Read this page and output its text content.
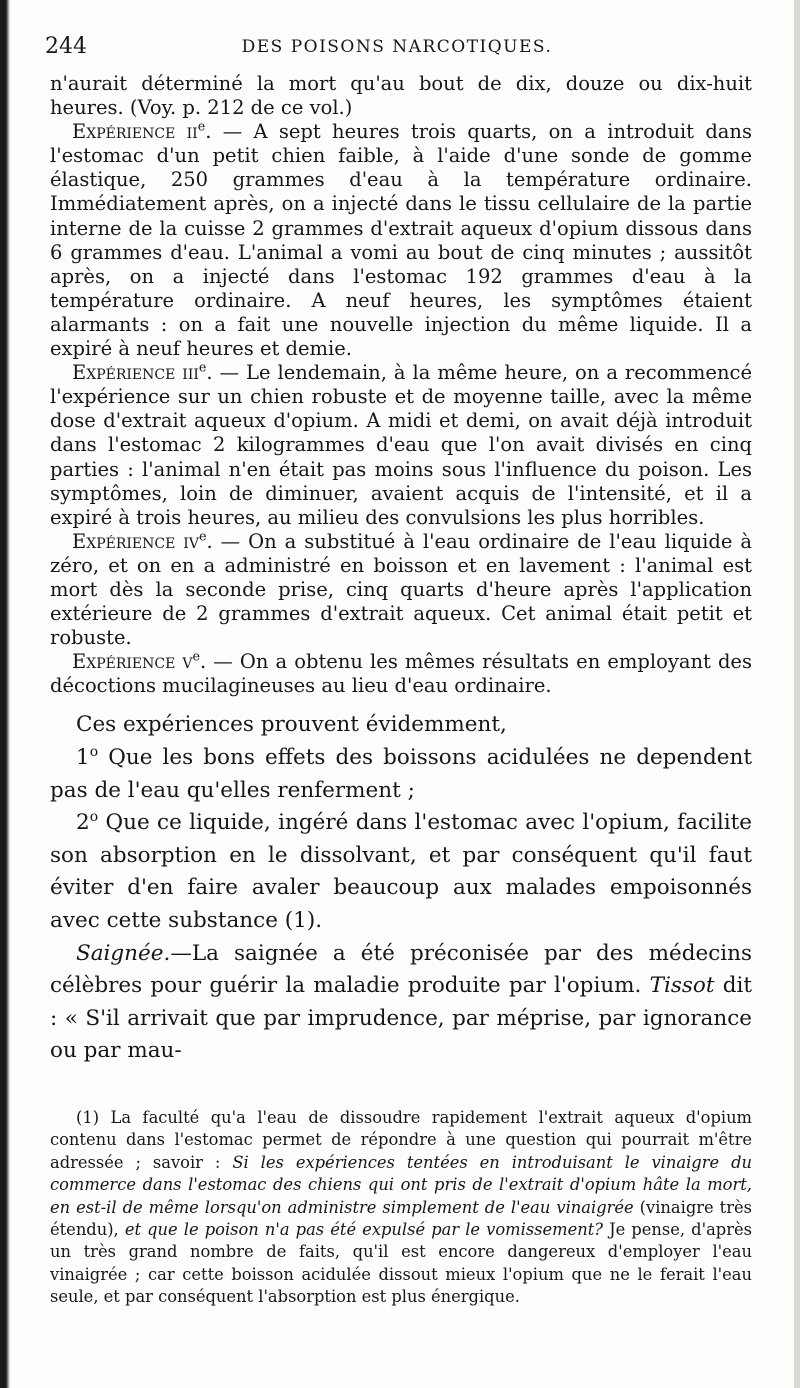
244	DES POISONS NARCOTIQUES.

n'aurait déterminé la mort qu'au bout de dix, douze ou dix-huit heures. (Voy. p. 212 de ce vol.)

Expérience $ii^e$. — A sept heures trois quarts, on a introduit dans l'estomac d'un petit chien faible, à l'aide d'une sonde de gomme élastique, 250 grammes d'eau à la température ordinaire. Immédiatement après, on a injecté dans le tissu cellulaire de la partie interne de la cuisse 2 grammes d'extrait aqueux d'opium dissous dans 6 grammes d'eau. L'animal a vomi au bout de cinq minutes ; aussitôt après, on a injecté dans l'estomac 192 grammes d'eau à la température ordinaire. A neuf heures, les symptômes étaient alarmants : on a fait une nouvelle injection du même liquide. Il a expiré à neuf heures et demie.

Expérience iii$^e$. — Le lendemain, à la même heure, on a recommencé l'expérience sur un chien robuste et de moyenne taille, avec la même dose d'extrait aqueux d'opium. A midi et demi, on avait déjà introduit dans l'estomac 2 kilogrammes d'eau que l'on avait divisés en cinq parties : l'animal n'en était pas moins sous l'influence du poison. Les symptômes, loin de diminuer, avaient acquis de l'intensité, et il a expiré à trois heures, au milieu des convulsions les plus horribles.

Expérience $iv^e$. — On a substitué à l'eau ordinaire de l'eau liquide à zéro, et on en a administré en boisson et en lavement : l'animal est mort dès la seconde prise, cinq quarts d'heure après l'application extérieure de 2 grammes d'extrait aqueux. Cet animal était petit et robuste.

Expérience $v^e$. — On a obtenu les mêmes résultats en employant des décoctions mucilagineuses au lieu d'eau ordinaire.

Ces expériences prouvent évidemment,

1$^o$ Que les bons effets des boissons acidulées ne dependent pas de l'eau qu'elles renferment ;

2$^o$ Que ce liquide, ingéré dans l'estomac avec l'opium, facilite son absorption en le dissolvant, et par conséquent qu'il faut éviter d'en faire avaler beaucoup aux malades empoisonnés avec cette substance (1).

Saignée.—La saignée a été préconisée par des médecins célèbres pour guérir la maladie produite par l'opium. Tissot dit : « S'il arrivait que par imprudence, par méprise, par ignorance ou par mau-

(1) La faculté qu'a l'eau de dissoudre rapidement l'extrait aqueux d'opium contenu dans l'estomac permet de répondre à une question qui pourrait m'être adressée ; savoir : Si les expériences tentées en introduisant le vinaigre du commerce dans l'estomac des chiens qui ont pris de l'extrait d'opium hâte la mort, en est-il de même lorsqu'on administre simplement de l'eau vinaigrée (vinaigre très étendu), et que le poison n'a pas été expulsé par le vomissement? Je pense, d'après un très grand nombre de faits, qu'il est encore dangereux d'employer l'eau vinaigrée ; car cette boisson acidulée dissout mieux l'opium que ne le ferait l'eau seule, et par conséquent l'absorption est plus énergique.
